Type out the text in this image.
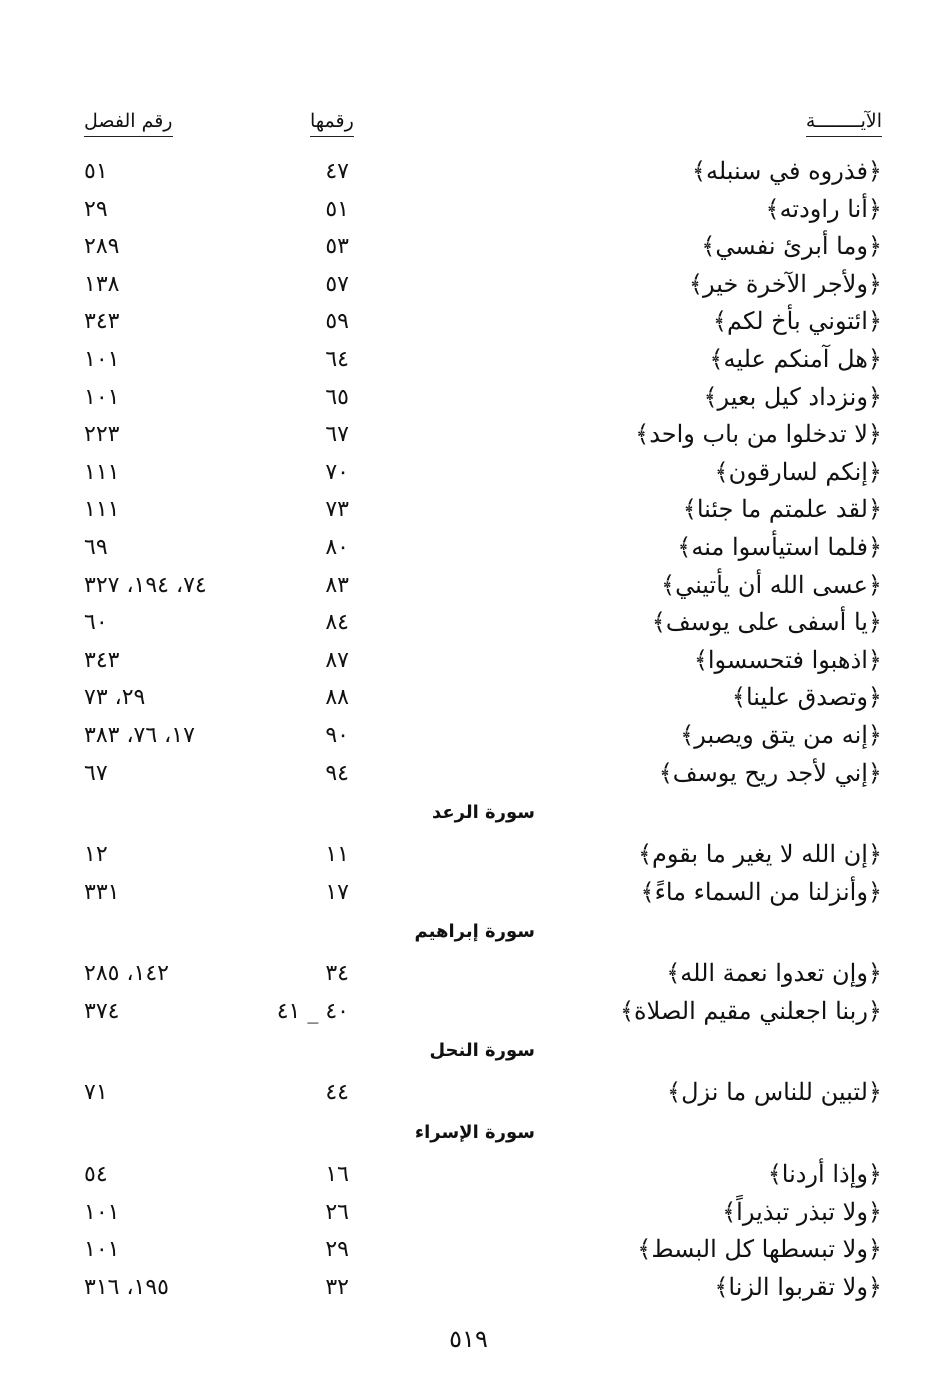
الآيــــــــة
رقمها
رقم الفصل
﴿فذروه في سنبله﴾
٤٧
٥١
﴿أنا راودته﴾
٥١
٢٩
﴿وما أبرئ نفسي﴾
٥٣
٢٨٩
﴿ولأجر الآخرة خير﴾
٥٧
١٣٨
﴿ائتوني بأخ لكم﴾
٥٩
٣٤٣
﴿هل آمنكم عليه﴾
٦٤
١٠١
﴿ونزداد كيل بعير﴾
٦٥
١٠١
﴿لا تدخلوا من باب واحد﴾
٦٧
٢٢٣
﴿إنكم لسارقون﴾
٧٠
١١١
﴿لقد علمتم ما جئنا﴾
٧٣
١١١
﴿فلما استيأسوا منه﴾
٨٠
٦٩
﴿عسى الله أن يأتيني﴾
٨٣
٧٤، ١٩٤، ٣٢٧
﴿يا أسفى على يوسف﴾
٨٤
٦٠
﴿اذهبوا فتحسسوا﴾
٨٧
٣٤٣
﴿وتصدق علينا﴾
٨٨
٢٩، ٧٣
﴿إنه من يتق ويصبر﴾
٩٠
١٧، ٧٦، ٣٨٣
﴿إني لأجد ريح يوسف﴾
٩٤
٦٧
سورة الرعد
﴿إن الله لا يغير ما بقوم﴾
١١
١٢
﴿وأنزلنا من السماء ماءً﴾
١٧
٣٣١
سورة إبراهيم
﴿وإن تعدوا نعمة الله﴾
٣٤
١٤٢، ٢٨٥
﴿ربنا اجعلني مقيم الصلاة﴾
٤٠ _ ٤١
٣٧٤
سورة النحل
﴿لتبين للناس ما نزل﴾
٤٤
٧١
سورة الإسراء
﴿وإذا أردنا﴾
١٦
٥٤
﴿ولا تبذر تبذيراً﴾
٢٦
١٠١
﴿ولا تبسطها كل البسط﴾
٢٩
١٠١
﴿ولا تقربوا الزنا﴾
٣٢
١٩٥، ٣١٦
٥١٩
